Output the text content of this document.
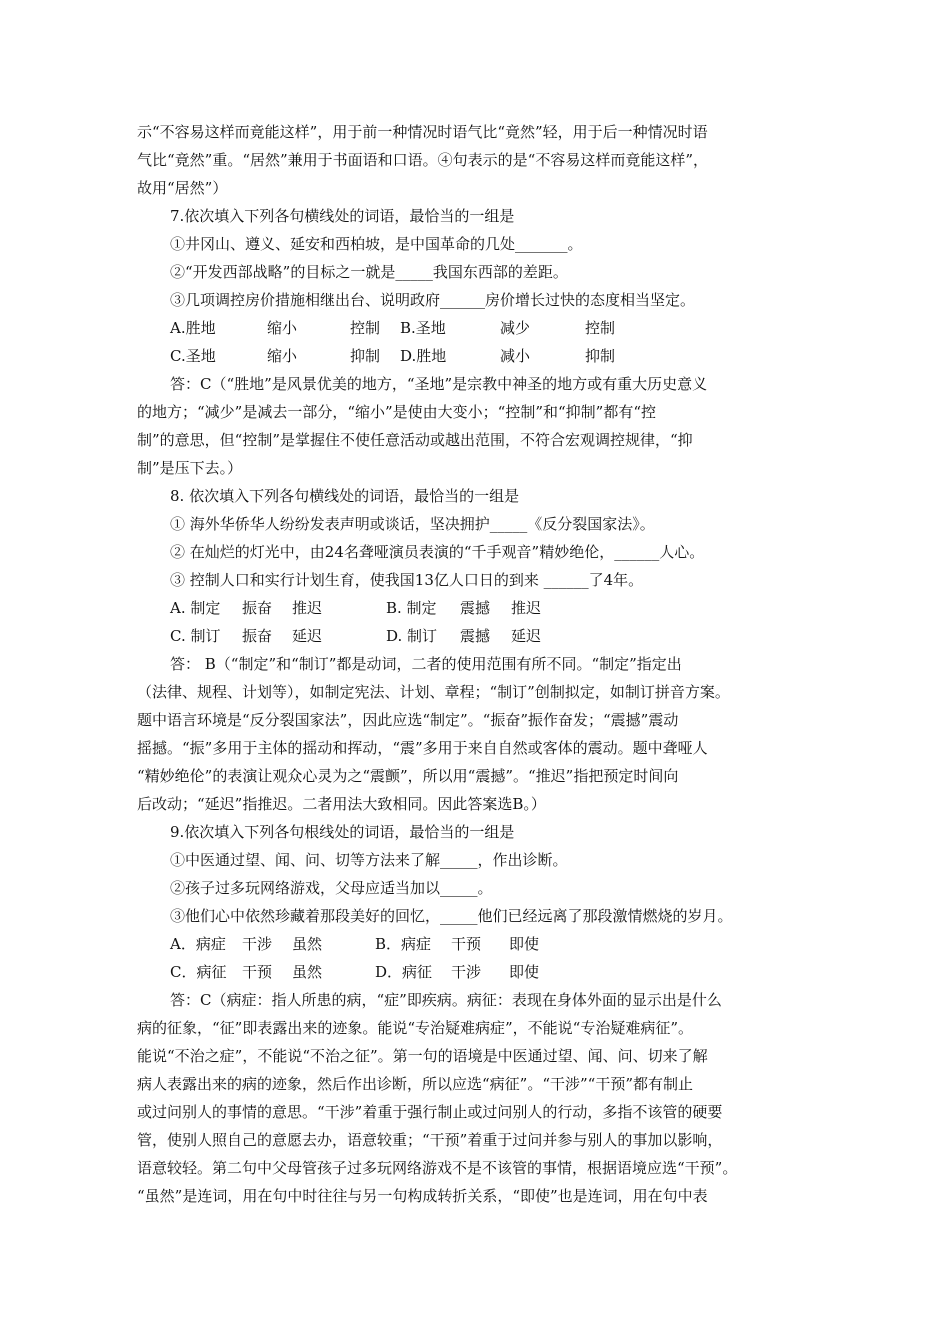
示“不容易这样而竟能这样”，用于前一种情况时语气比“竟然”轻，用于后一种情况时语
气比“竟然”重。“居然”兼用于书面语和口语。④句表示的是“不容易这样而竟能这样”，
故用“居然”）
7.依次填入下列各句横线处的词语，最恰当的一组是
①井冈山、遵义、延安和西柏坡，是中国革命的几处_______。
②“开发西部战略”的目标之一就是_____我国东西部的差距。
③几项调控房价措施相继出台、说明政府______房价增长过快的态度相当坚定。
A.胜地	缩小	控制	B.圣地	减少	控制
C.圣地	缩小	抑制	D.胜地	减小	抑制
答：C（“胜地”是风景优美的地方，“圣地”是宗教中神圣的地方或有重大历史意义
的地方；“减少”是减去一部分，“缩小”是使由大变小；“控制”和“抑制”都有“控
制”的意思，但“控制”是掌握住不使任意活动或越出范围，不符合宏观调控规律，“抑
制”是压下去。）
8. 依次填入下列各句横线处的词语，最恰当的一组是
① 海外华侨华人纷纷发表声明或谈话，坚决拥护_____《反分裂国家法》。
② 在灿烂的灯光中，由24名聋哑演员表演的“千手观音”精妙绝伦，______人心。
③ 控制人口和实行计划生育，使我国13亿人口日的到来 ______了4年。
A. 制定	振奋	推迟	B. 制定	震撼	推迟
C. 制订	振奋	延迟	D. 制订	震撼	延迟
答： B（“制定”和“制订”都是动词，二者的使用范围有所不同。“制定”指定出
（法律、规程、计划等），如制定宪法、计划、章程；“制订”创制拟定，如制订拼音方案。
题中语言环境是“反分裂国家法”，因此应选“制定”。“振奋”振作奋发；“震撼”震动
摇撼。“振”多用于主体的摇动和挥动，“震”多用于来自自然或客体的震动。题中聋哑人
“精妙绝伦”的表演让观众心灵为之“震颤”，所以用“震撼”。“推迟”指把预定时间向
后改动；“延迟”指推迟。二者用法大致相同。因此答案选B。）
9.依次填入下列各句根线处的词语，最恰当的一组是
①中医通过望、闻、问、切等方法来了解_____，作出诊断。
②孩子过多玩网络游戏，父母应适当加以_____。
③他们心中依然珍藏着那段美好的回忆，_____他们已经远离了那段激情燃烧的岁月。
A．病症	干涉	虽然	B．病症	干预	即使
C．病征	干预	虽然	D．病征	干涉	即使
答：C（病症：指人所患的病，“症”即疾病。病征：表现在身体外面的显示出是什么
病的征象，“征”即表露出来的迹象。能说“专治疑难病症”，不能说“专治疑难病征”。
能说“不治之症”，不能说“不治之征”。第一句的语境是中医通过望、闻、问、切来了解
病人表露出来的病的迹象，然后作出诊断，所以应选“病征”。“干涉”“干预”都有制止
或过问别人的事情的意思。“干涉”着重于强行制止或过问别人的行动，多指不该管的硬要
管，使别人照自己的意愿去办，语意较重；“干预”着重于过问并参与别人的事加以影响，
语意较轻。第二句中父母管孩子过多玩网络游戏不是不该管的事情，根据语境应选“干预”。
“虽然”是连词，用在句中时往往与另一句构成转折关系，“即使”也是连词，用在句中表
